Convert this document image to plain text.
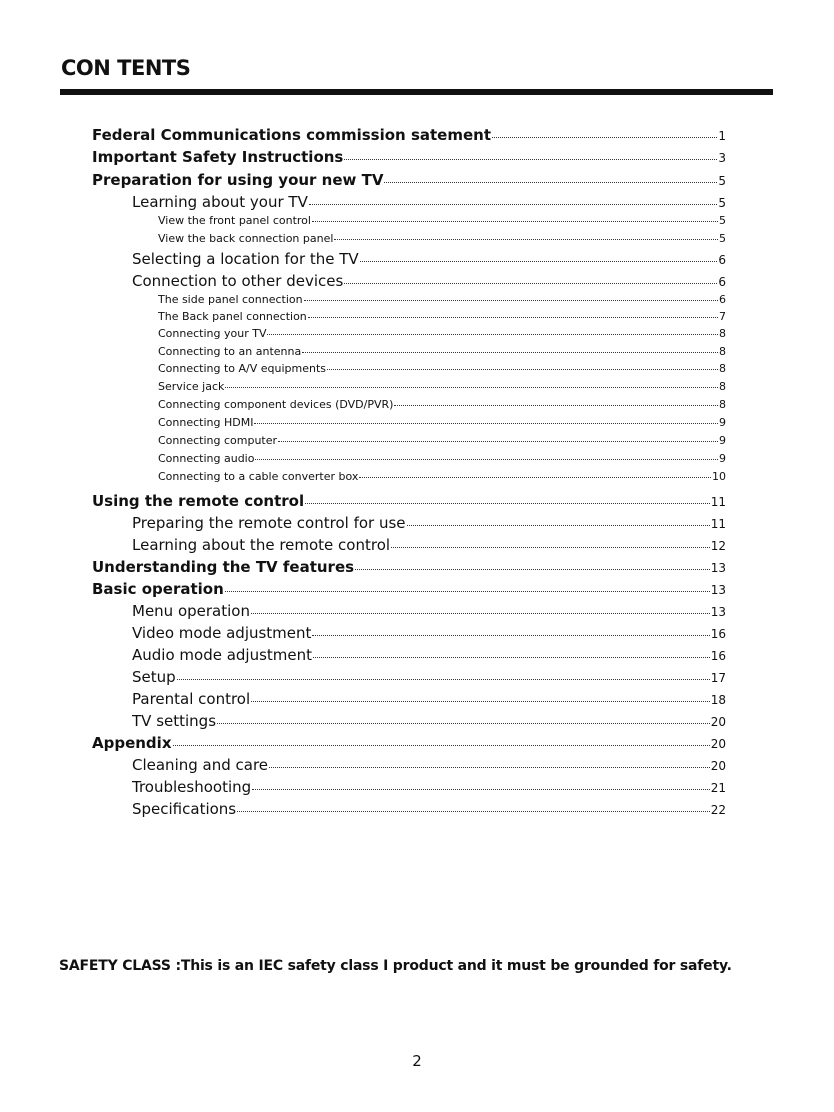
CON TENTS
Federal Communications commission satement	1
Important Safety Instructions	3
Preparation for using your new TV	5
Learning about your TV	5
View the front panel control	5
View the back connection panel	5
Selecting a location for the TV	6
Connection to other devices	6
The side panel connection	6
The Back panel connection	7
Connecting your TV	8
Connecting to an antenna	8
Connecting to A/V equipments	8
Service jack	8
Connecting component devices (DVD/PVR)	8
Connecting HDMI	9
Connecting computer	9
Connecting audio	9
Connecting to a cable converter box	10
Using the remote control	11
Preparing the remote control for use	11
Learning about the remote control	12
Understanding the TV features	13
Basic operation	13
Menu operation	13
Video mode adjustment	16
Audio mode adjustment	16
Setup	17
Parental control	18
TV settings	20
Appendix	20
Cleaning and care	20
Troubleshooting	21
Specifications	22
SAFETY CLASS :This is an IEC safety class I product and it must be grounded for safety.
2
